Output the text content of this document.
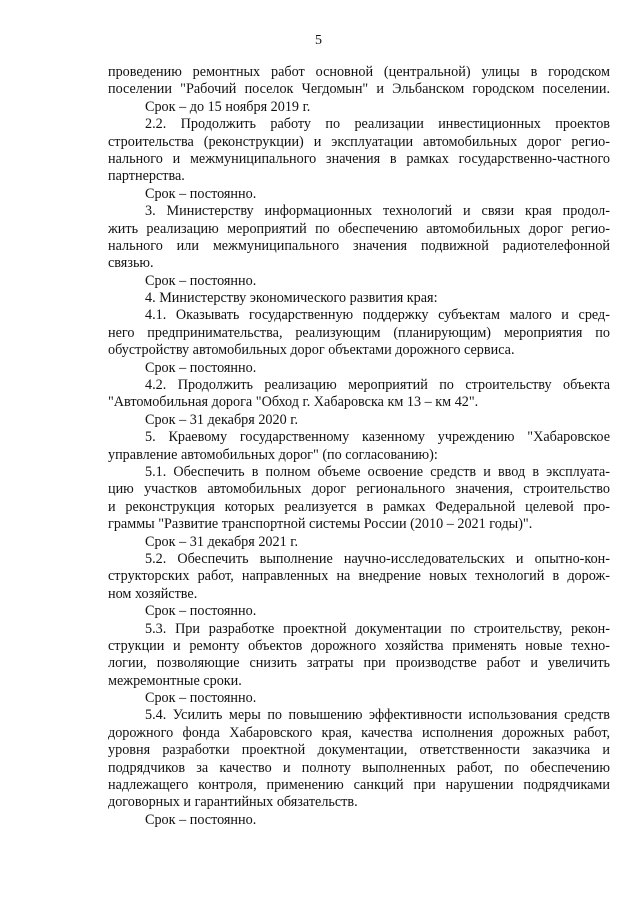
5
проведению ремонтных работ основной (центральной) улицы в городском
поселении "Рабочий поселок Чегдомын" и Эльбанском городском поселении.
Срок – до 15 ноября 2019 г.
2.2. Продолжить работу по реализации инвестиционных проектов
строительства (реконструкции) и эксплуатации автомобильных дорог регио-
нального и межмуниципального значения в рамках государственно-частного
партнерства.
Срок – постоянно.
3. Министерству информационных технологий и связи края продол-
жить реализацию мероприятий по обеспечению автомобильных дорог регио-
нального или межмуниципального значения подвижной радиотелефонной
связью.
Срок – постоянно.
4. Министерству экономического развития края:
4.1. Оказывать государственную поддержку субъектам малого и сред-
него предпринимательства, реализующим (планирующим) мероприятия по
обустройству автомобильных дорог объектами дорожного сервиса.
Срок – постоянно.
4.2. Продолжить реализацию мероприятий по строительству объекта
"Автомобильная дорога "Обход г. Хабаровска км 13 – км 42".
Срок – 31 декабря 2020 г.
5. Краевому государственному казенному учреждению "Хабаровское
управление автомобильных дорог" (по согласованию):
5.1. Обеспечить в полном объеме освоение средств и ввод в эксплуата-
цию участков автомобильных дорог регионального значения, строительство
и реконструкция которых реализуется в рамках Федеральной целевой про-
граммы "Развитие транспортной системы России (2010 – 2021 годы)".
Срок – 31 декабря 2021 г.
5.2. Обеспечить выполнение научно-исследовательских и опытно-кон-
структорских работ, направленных на внедрение новых технологий в дорож-
ном хозяйстве.
Срок – постоянно.
5.3. При разработке проектной документации по строительству, рекон-
струкции и ремонту объектов дорожного хозяйства применять новые техно-
логии, позволяющие снизить затраты при производстве работ и увеличить
межремонтные сроки.
Срок – постоянно.
5.4. Усилить меры по повышению эффективности использования средств
дорожного фонда Хабаровского края, качества исполнения дорожных работ,
уровня разработки проектной документации, ответственности заказчика и
подрядчиков за качество и полноту выполненных работ, по обеспечению
надлежащего контроля, применению санкций при нарушении подрядчиками
договорных и гарантийных обязательств.
Срок – постоянно.
